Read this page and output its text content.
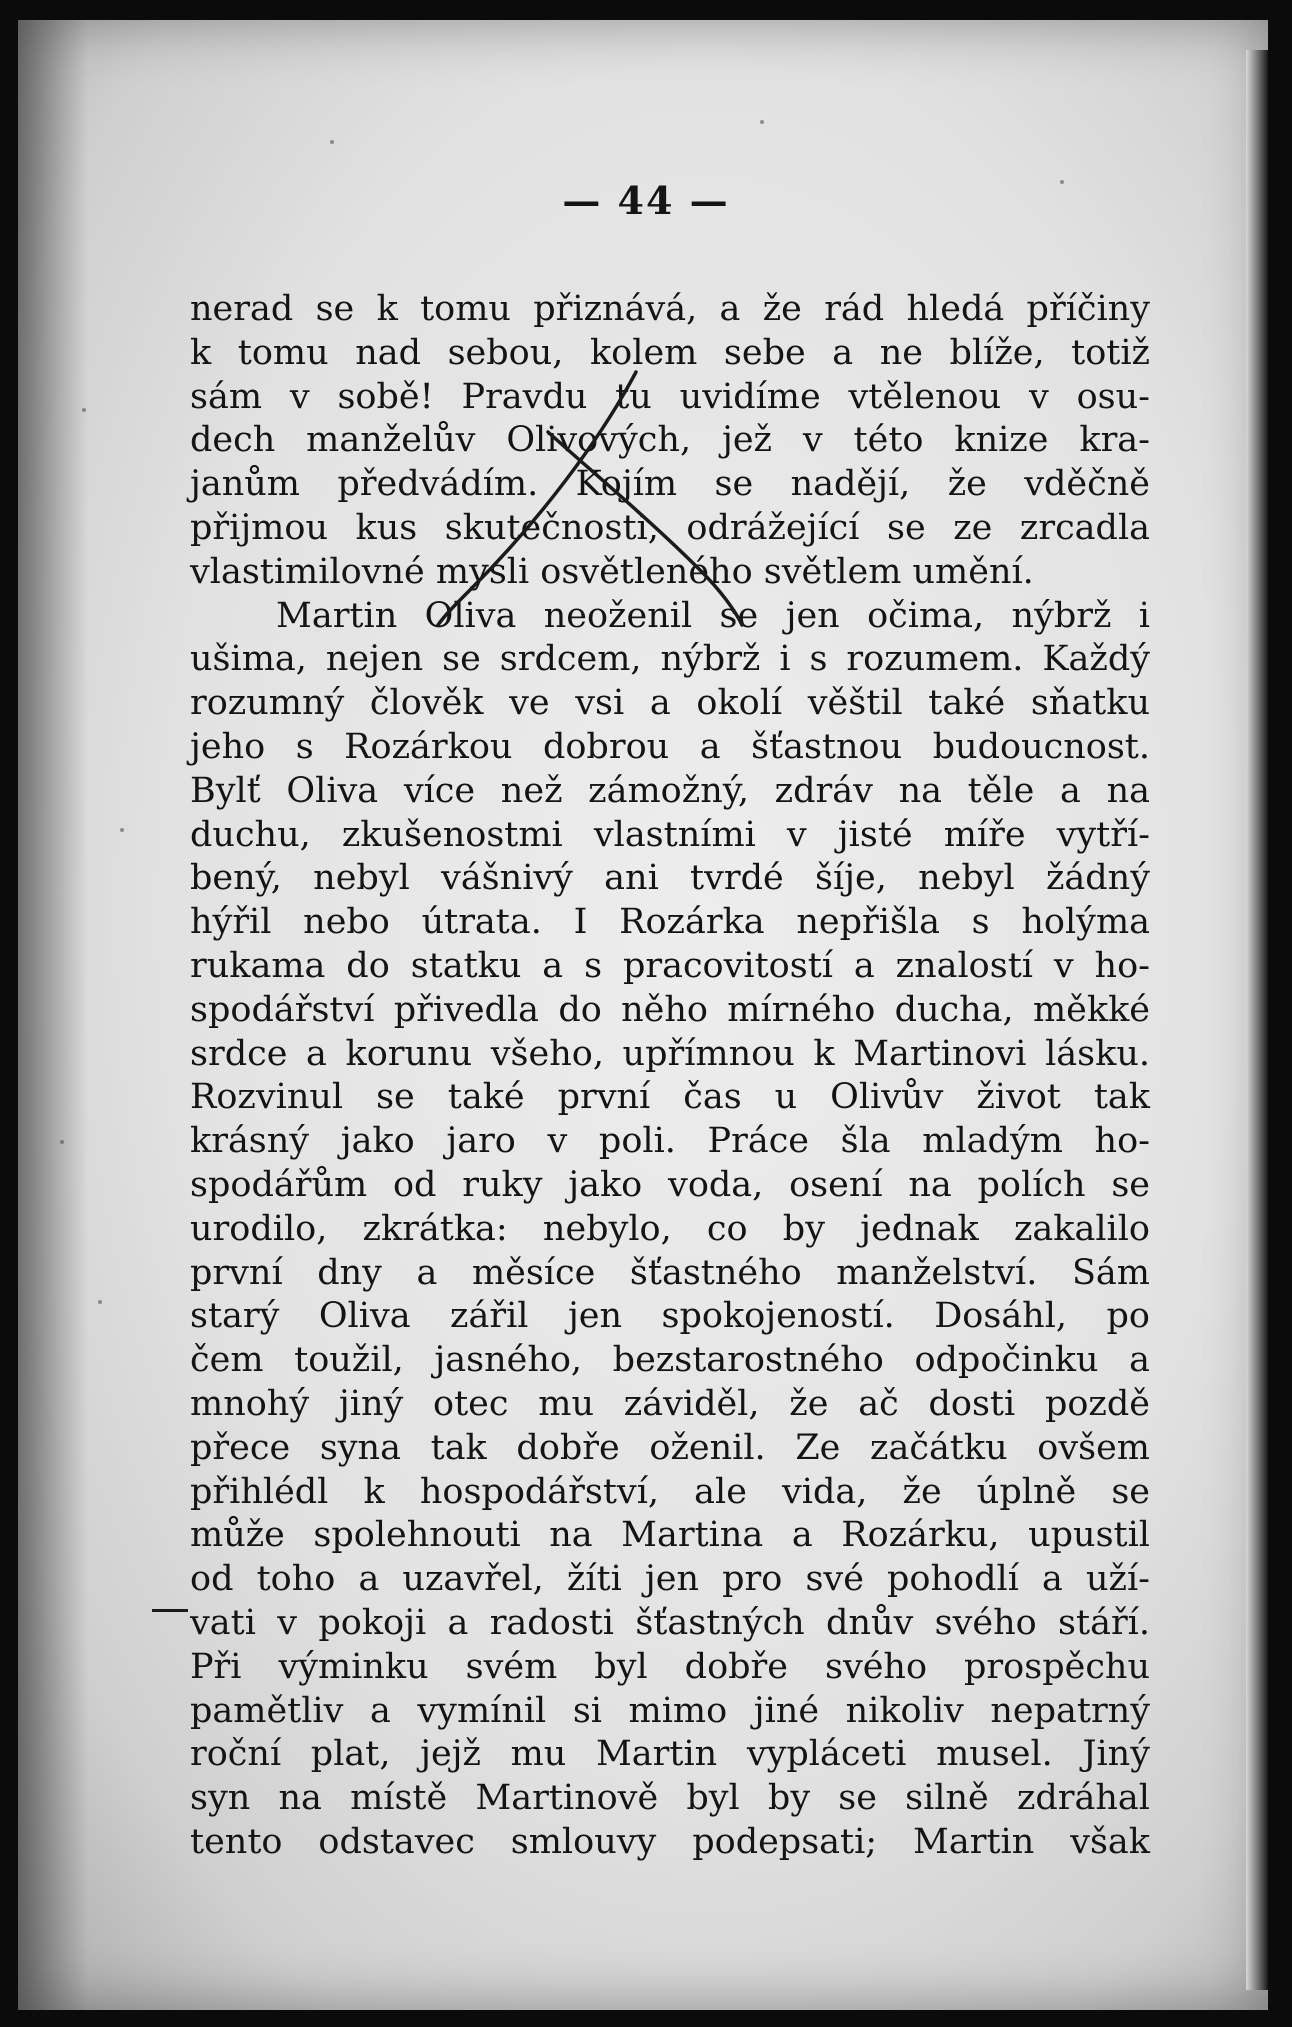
— 44 —
nerad se k tomu přiznává, a že rád hledá příčiny
k tomu nad sebou, kolem sebe a ne blíže, totiž
sám v sobě! Pravdu tu uvidíme vtělenou v osu-
dech manželův Olivových, jež v této knize kra-
janům předvádím. Kojím se nadějí, že vděčně
přijmou kus skutečnosti, odrážející se ze zrcadla
vlastimilovné mysli osvětleného světlem umění.
Martin Oliva neoženil se jen očima, nýbrž i
ušima, nejen se srdcem, nýbrž i s rozumem. Každý
rozumný člověk ve vsi a okolí věštil také sňatku
jeho s Rozárkou dobrou a šťastnou budoucnost.
Bylť Oliva více než zámožný, zdráv na těle a na
duchu, zkušenostmi vlastními v jisté míře vytří-
bený, nebyl vášnivý ani tvrdé šíje, nebyl žádný
hýřil nebo útrata. I Rozárka nepřišla s holýma
rukama do statku a s pracovitostí a znalostí v ho-
spodářství přivedla do něho mírného ducha, měkké
srdce a korunu všeho, upřímnou k Martinovi lásku.
Rozvinul se také první čas u Olivův život tak
krásný jako jaro v poli. Práce šla mladým ho-
spodářům od ruky jako voda, osení na polích se
urodilo, zkrátka: nebylo, co by jednak zakalilo
první dny a měsíce šťastného manželství. Sám
starý Oliva zářil jen spokojeností. Dosáhl, po
čem toužil, jasného, bezstarostného odpočinku a
mnohý jiný otec mu záviděl, že ač dosti pozdě
přece syna tak dobře oženil. Ze začátku ovšem
přihlédl k hospodářství, ale vida, že úplně se
může spolehnouti na Martina a Rozárku, upustil
od toho a uzavřel, žíti jen pro své pohodlí a uží-
vati v pokoji a radosti šťastných dnův svého stáří.
Při výminku svém byl dobře svého prospěchu
pamětliv a vymínil si mimo jiné nikoliv nepatrný
roční plat, jejž mu Martin vypláceti musel. Jiný
syn na místě Martinově byl by se silně zdráhal
tento odstavec smlouvy podepsati; Martin však
